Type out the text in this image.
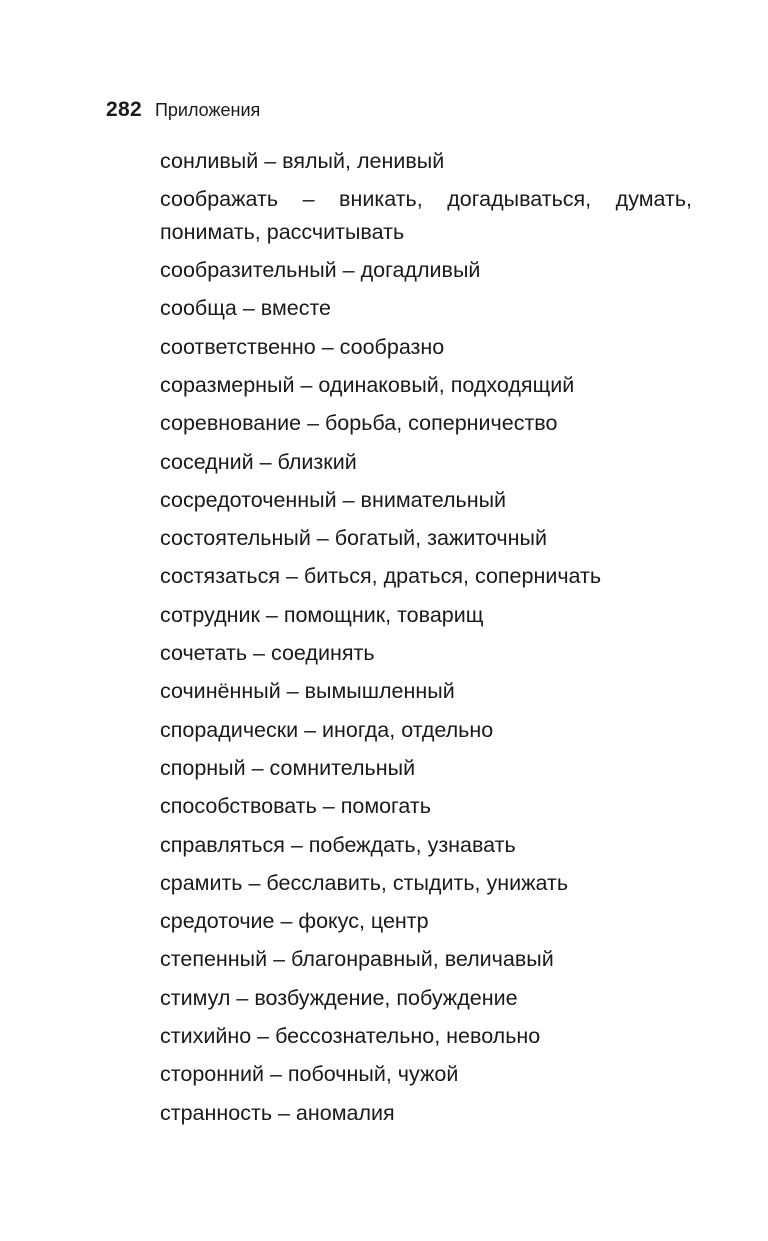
282 Приложения
сонливый – вялый, ленивый
соображать – вникать, догадываться, думать, понимать, рассчитывать
сообразительный – догадливый
сообща – вместе
соответственно – сообразно
соразмерный – одинаковый, подходящий
соревнование – борьба, соперничество
соседний – близкий
сосредоточенный – внимательный
состоятельный – богатый, зажиточный
состязаться – биться, драться, соперничать
сотрудник – помощник, товарищ
сочетать – соединять
сочинённый – вымышленный
спорадически – иногда, отдельно
спорный – сомнительный
способствовать – помогать
справляться – побеждать, узнавать
срамить – бесславить, стыдить, унижать
средоточие – фокус, центр
степенный – благонравный, величавый
стимул – возбуждение, побуждение
стихийно – бессознательно, невольно
сторонний – побочный, чужой
странность – аномалия
